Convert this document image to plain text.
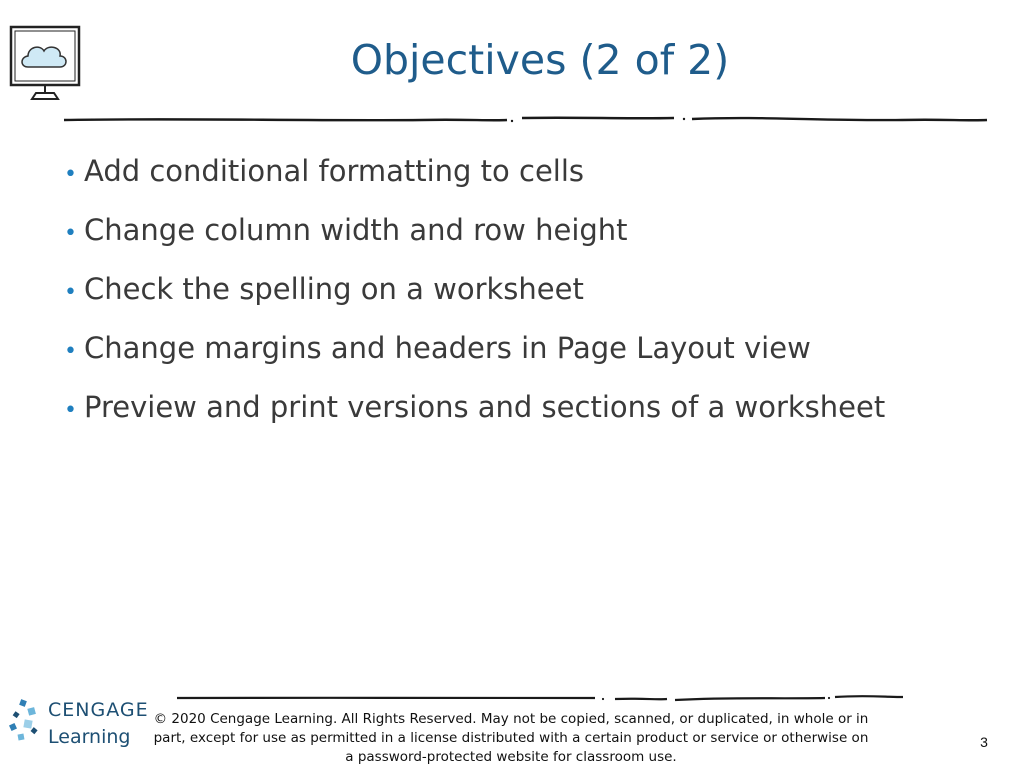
Objectives (2 of 2)
• Add conditional formatting to cells
• Change column width and row height
• Check the spelling on a worksheet
• Change margins and headers in Page Layout view
• Preview and print versions and sections of a worksheet
CENGAGE
Learning

© 2020 Cengage Learning. All Rights Reserved. May not be copied, scanned, or duplicated, in whole or in part, except for use as permitted in a license distributed with a certain product or service or otherwise on a password-protected website for classroom use.

3
